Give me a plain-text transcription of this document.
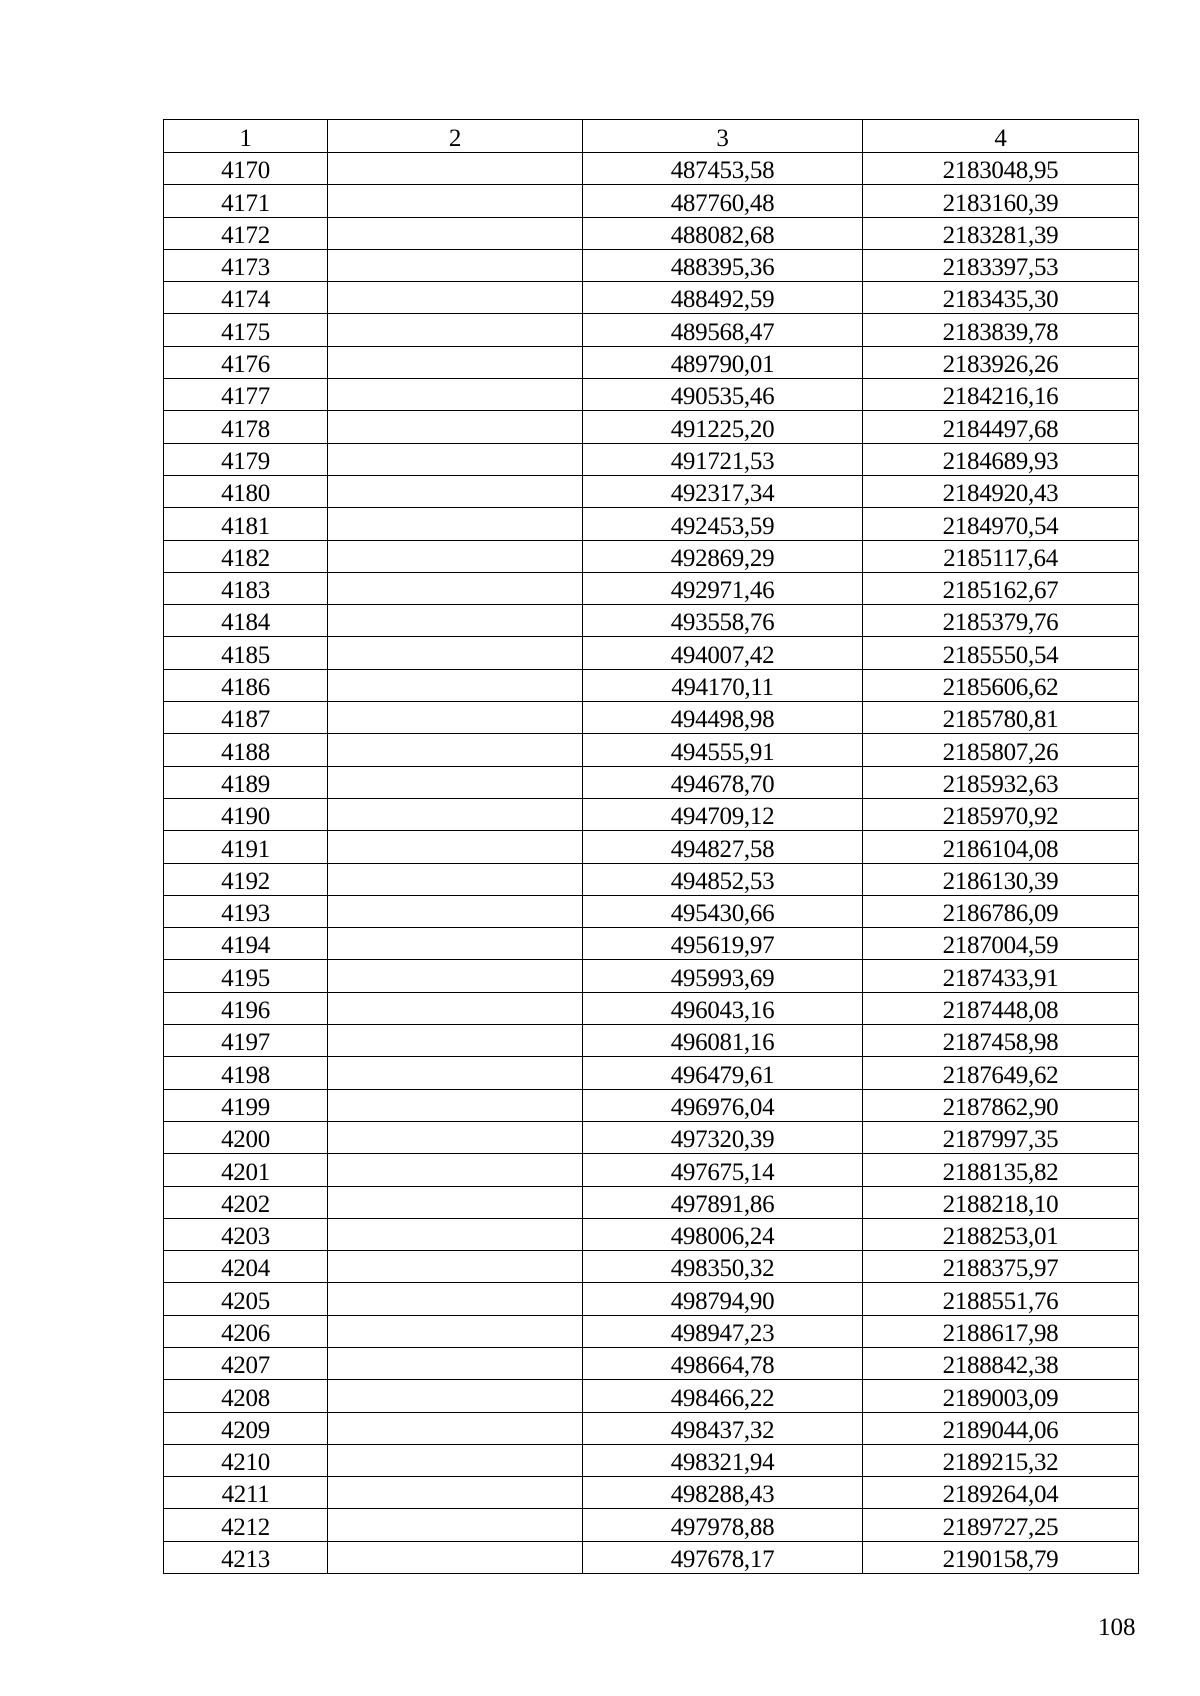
1	2	3	4
4170		487453,58	2183048,95
4171		487760,48	2183160,39
4172		488082,68	2183281,39
4173		488395,36	2183397,53
4174		488492,59	2183435,30
4175		489568,47	2183839,78
4176		489790,01	2183926,26
4177		490535,46	2184216,16
4178		491225,20	2184497,68
4179		491721,53	2184689,93
4180		492317,34	2184920,43
4181		492453,59	2184970,54
4182		492869,29	2185117,64
4183		492971,46	2185162,67
4184		493558,76	2185379,76
4185		494007,42	2185550,54
4186		494170,11	2185606,62
4187		494498,98	2185780,81
4188		494555,91	2185807,26
4189		494678,70	2185932,63
4190		494709,12	2185970,92
4191		494827,58	2186104,08
4192		494852,53	2186130,39
4193		495430,66	2186786,09
4194		495619,97	2187004,59
4195		495993,69	2187433,91
4196		496043,16	2187448,08
4197		496081,16	2187458,98
4198		496479,61	2187649,62
4199		496976,04	2187862,90
4200		497320,39	2187997,35
4201		497675,14	2188135,82
4202		497891,86	2188218,10
4203		498006,24	2188253,01
4204		498350,32	2188375,97
4205		498794,90	2188551,76
4206		498947,23	2188617,98
4207		498664,78	2188842,38
4208		498466,22	2189003,09
4209		498437,32	2189044,06
4210		498321,94	2189215,32
4211		498288,43	2189264,04
4212		497978,88	2189727,25
4213		497678,17	2190158,79
108
